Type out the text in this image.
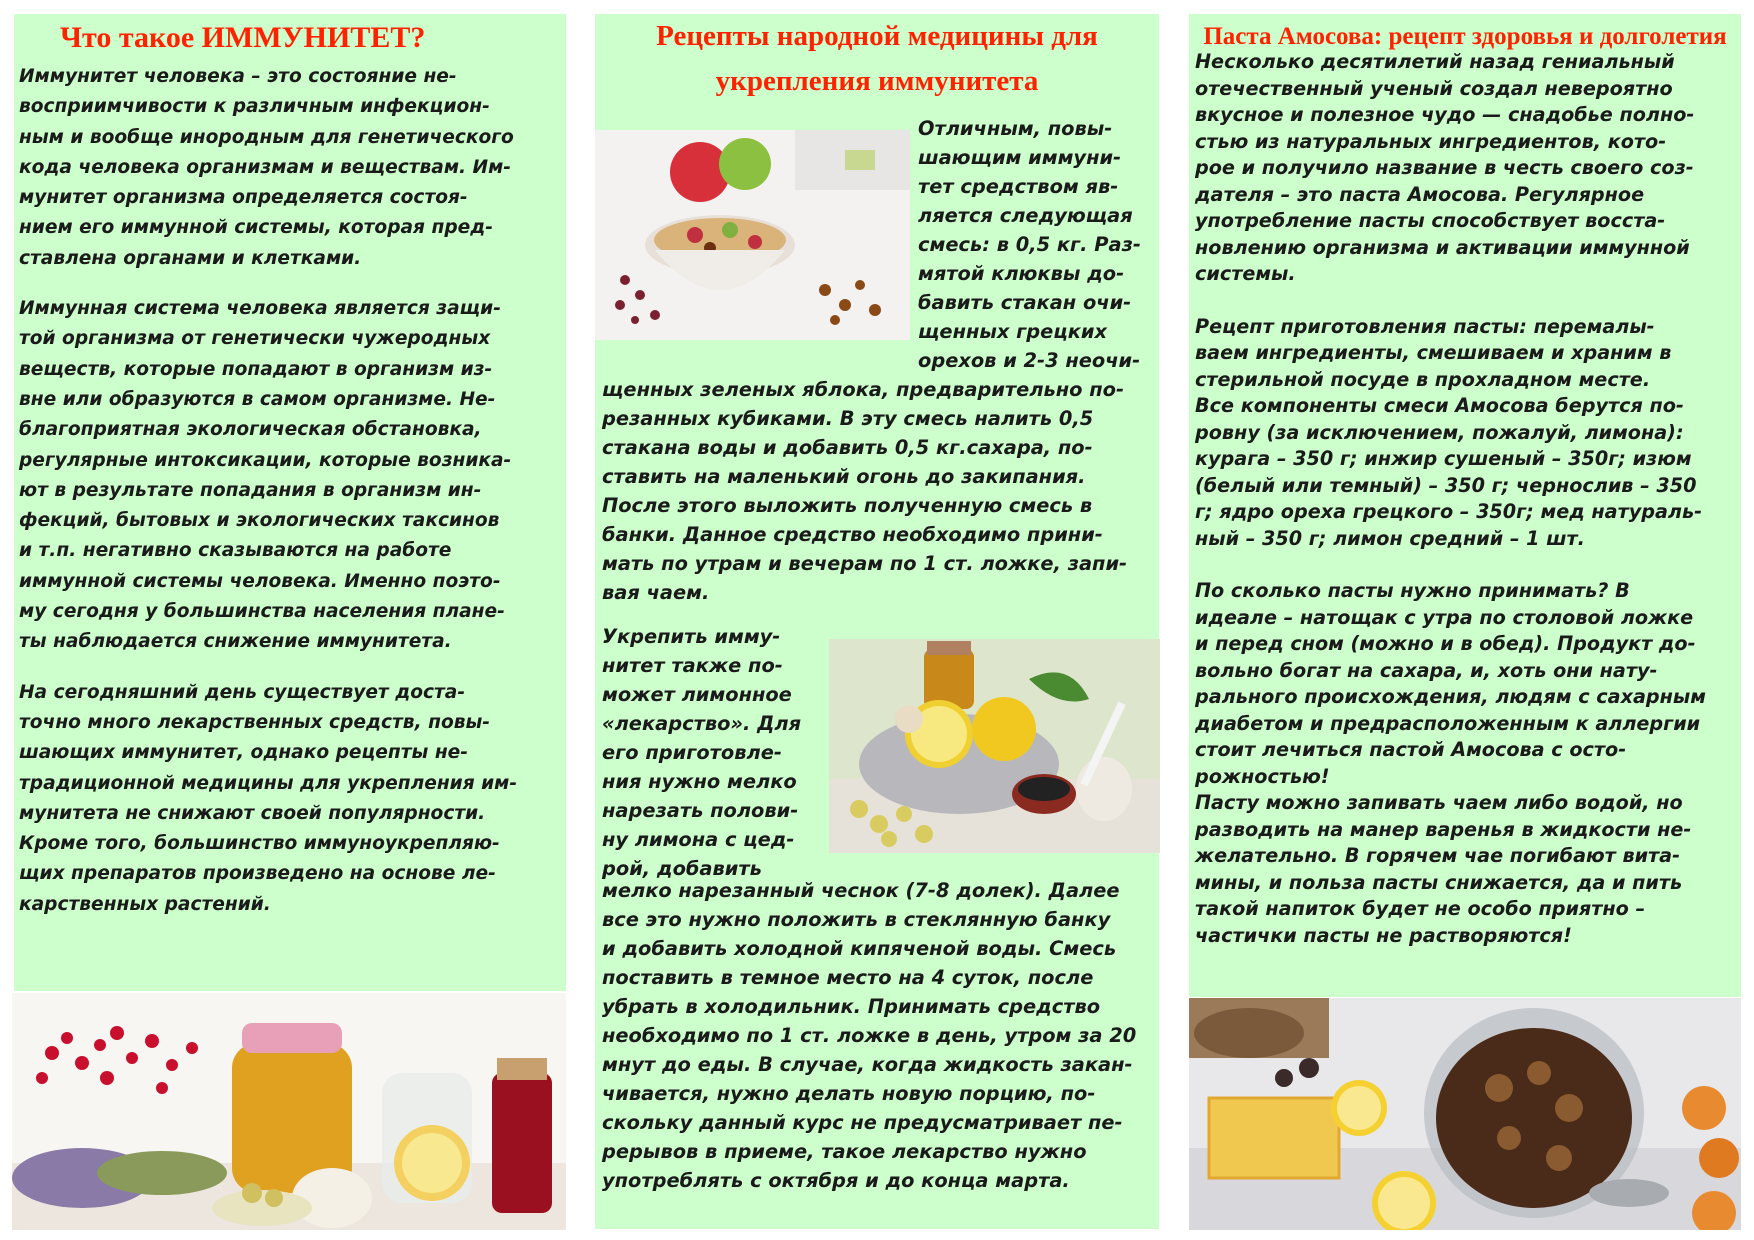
Что такое ИММУНИТЕТ?

Иммунитет человека – это состояние не-
восприимчивости к различным инфекцион-
ным и вообще инородным для генетического
кода человека организмам и веществам. Им-
мунитет организма определяется состоя-
нием его иммунной системы, которая пред-
ставлена органами и клетками.

Иммунная система человека является защи-
той организма от генетически чужеродных
веществ, которые попадают в организм из-
вне или образуются в самом организме. Не-
благоприятная экологическая обстановка,
регулярные интоксикации, которые возника-
ют в результате попадания в организм ин-
фекций, бытовых и экологических таксинов
и т.п. негативно сказываются на работе
иммунной системы человека. Именно поэто-
му сегодня у большинства населения плане-
ты наблюдается снижение иммунитета.

На сегодняшний день существует доста-
точно много лекарственных средств, повы-
шающих иммунитет, однако рецепты не-
традиционной медицины для укрепления им-
мунитета не снижают своей популярности.
Кроме того, большинство иммуноукрепляю-
щих препаратов произведено на основе ле-
карственных растений.

Рецепты народной медицины для укрепления иммунитета
Отличным, повы-
шающим иммуни-
тет средством яв-
ляется следующая
смесь: в 0,5 кг. Раз-
мятой клюквы до-
бавить стакан очи-
щенных грецких
орехов и 2-3 неочи-
щенных зеленых яблока, предварительно по-
резанных кубиками. В эту смесь налить 0,5
стакана воды и добавить 0,5 кг.сахара, по-
ставить на маленький огонь до закипания.
После этого выложить полученную смесь в
банки. Данное средство необходимо прини-
мать по утрам и вечерам по 1 ст. ложке, запи-
вая чаем.
Укрепить имму-
нитет также по-
может лимонное
«лекарство». Для
его приготовле-
ния нужно мелко
нарезать полови-
ну лимона с цед-
рой, добавить
мелко нарезанный чеснок (7-8 долек). Далее
все это нужно положить в стеклянную банку
и добавить холодной кипяченой воды. Смесь
поставить в темное место на 4 суток, после
убрать в холодильник. Принимать средство
необходимо по 1 ст. ложке в день, утром за 20
мнут до еды. В случае, когда жидкость закан-
чивается, нужно делать новую порцию, по-
скольку данный курс не предусматривает пе-
рерывов в приеме, такое лекарство нужно
употреблять с октября и до конца марта.
Паста Амосова: рецепт здоровья и долголетия

Несколько десятилетий назад гениальный
отечественный ученый создал невероятно
вкусное и полезное чудо — снадобье полно-
стью из натуральных ингредиентов, кото-
рое и получило название в честь своего соз-
дателя – это паста Амосова. Регулярное
употребление пасты способствует восста-
новлению организма и активации иммунной
системы.

Рецепт приготовления пасты: перемалы-
ваем ингредиенты, смешиваем и храним в
стерильной посуде в прохладном месте.
Все компоненты смеси Амосова берутся по-
ровну (за исключением, пожалуй, лимона):
курага – 350 г; инжир сушеный – 350г; изюм
(белый или темный) – 350 г; чернослив – 350
г; ядро ореха грецкого – 350г; мед натураль-
ный – 350 г; лимон средний – 1 шт.

По сколько пасты нужно принимать? В
идеале – натощак с утра по столовой ложке
и перед сном (можно и в обед). Продукт до-
вольно богат на сахара, и, хоть они нату-
рального происхождения, людям с сахарным
диабетом и предрасположенным к аллергии
стоит лечиться пастой Амосова с осто-
рожностью!
Пасту можно запивать чаем либо водой, но
разводить на манер варенья в жидкости не-
желательно. В горячем чае погибают вита-
мины, и польза пасты снижается, да и пить
такой напиток будет не особо приятно –
частички пасты не растворяются!
